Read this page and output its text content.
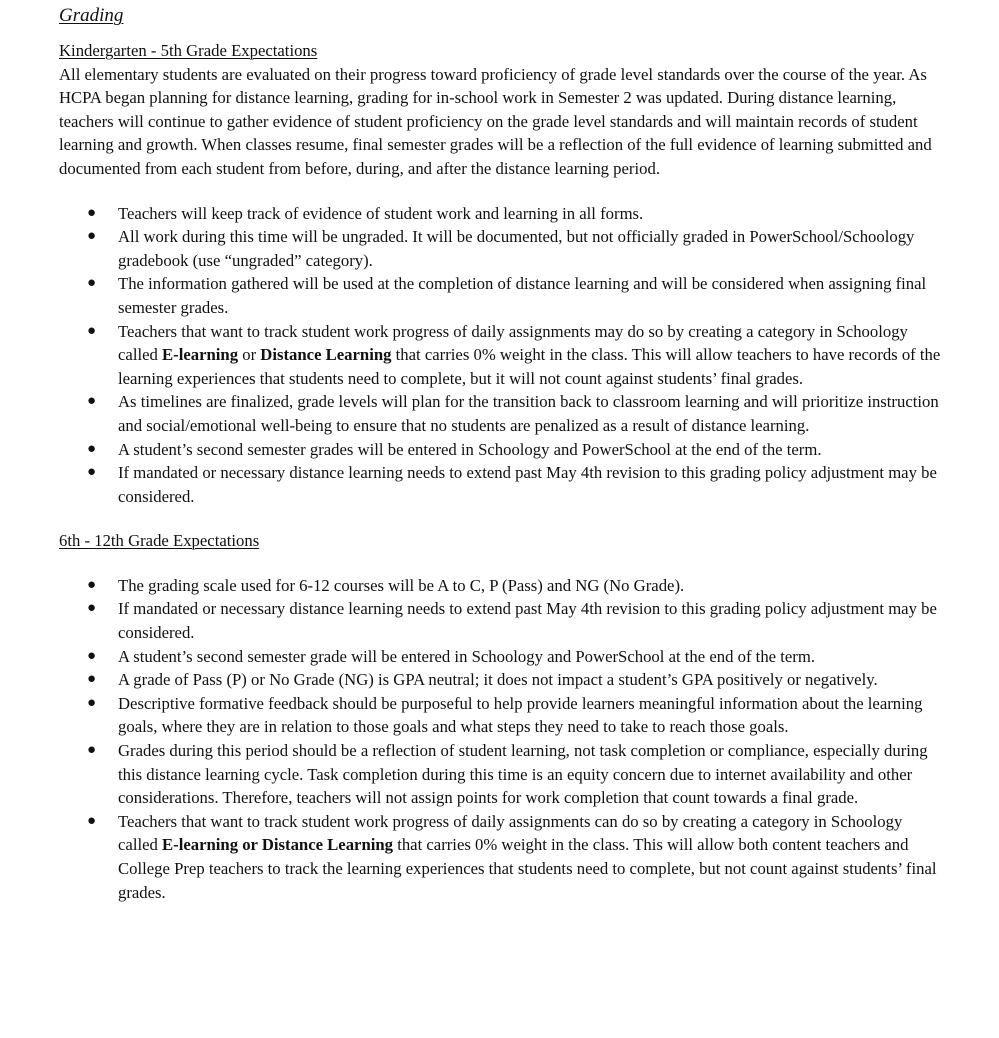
Grading
Kindergarten - 5th Grade Expectations

All elementary students are evaluated on their progress toward proficiency of grade level standards over the course of the year. As HCPA began planning for distance learning, grading for in-school work in Semester 2 was updated. During distance learning, teachers will continue to gather evidence of student proficiency on the grade level standards and will maintain records of student learning and growth. When classes resume, final semester grades will be a reflection of the full evidence of learning submitted and documented from each student from before, during, and after the distance learning period.

● Teachers will keep track of evidence of student work and learning in all forms.
● All work during this time will be ungraded. It will be documented, but not officially graded in PowerSchool/Schoology gradebook (use “ungraded” category).
● The information gathered will be used at the completion of distance learning and will be considered when assigning final semester grades.
● Teachers that want to track student work progress of daily assignments may do so by creating a category in Schoology called E-learning or Distance Learning that carries 0% weight in the class. This will allow teachers to have records of the learning experiences that students need to complete, but it will not count against students’ final grades.
● As timelines are finalized, grade levels will plan for the transition back to classroom learning and will prioritize instruction and social/emotional well-being to ensure that no students are penalized as a result of distance learning.
● A student’s second semester grades will be entered in Schoology and PowerSchool at the end of the term.
● If mandated or necessary distance learning needs to extend past May 4th revision to this grading policy adjustment may be considered.
6th - 12th Grade Expectations
● The grading scale used for 6-12 courses will be A to C, P (Pass) and NG (No Grade).
● If mandated or necessary distance learning needs to extend past May 4th revision to this grading policy adjustment may be considered.
● A student’s second semester grade will be entered in Schoology and PowerSchool at the end of the term.
● A grade of Pass (P) or No Grade (NG) is GPA neutral; it does not impact a student’s GPA positively or negatively.
● Descriptive formative feedback should be purposeful to help provide learners meaningful information about the learning goals, where they are in relation to those goals and what steps they need to take to reach those goals.
● Grades during this period should be a reflection of student learning, not task completion or compliance, especially during this distance learning cycle. Task completion during this time is an equity concern due to internet availability and other considerations. Therefore, teachers will not assign points for work completion that count towards a final grade.
● Teachers that want to track student work progress of daily assignments can do so by creating a category in Schoology called E-learning or Distance Learning that carries 0% weight in the class. This will allow both content teachers and College Prep teachers to track the learning experiences that students need to complete, but not count against students’ final grades.
